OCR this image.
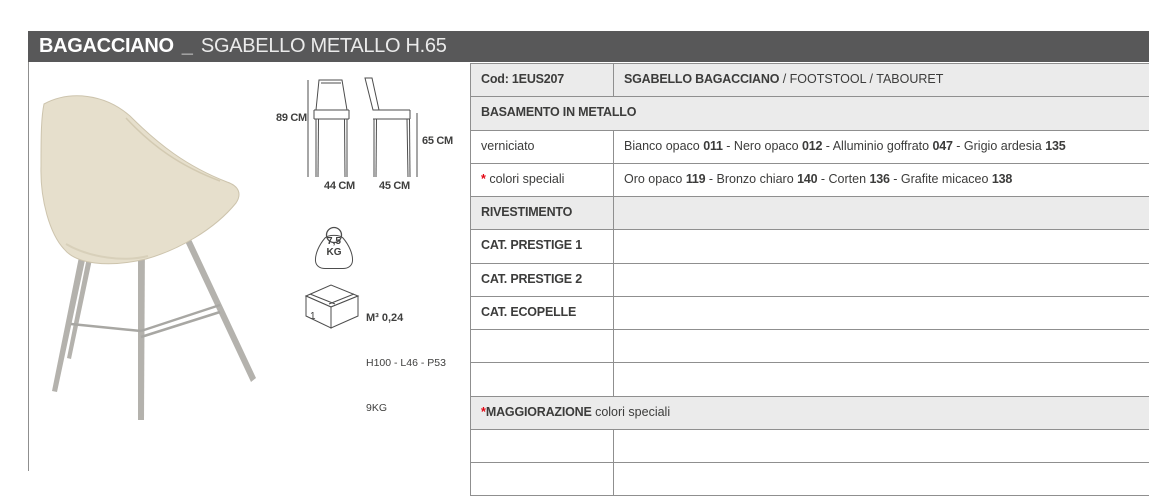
BAGACCIANO _ SGABELLO METALLO H.65
89 CM
65 CM
44 CM 45 CM
7,5
KG
1

	M³ 0,24

H100 - L46 - P53

9KG

Cod: 1EUS207	SGABELLO BAGACCIANO / FOOTSTOOL / TABOURET
BASAMENTO IN METALLO
verniciato	Bianco opaco 011 - Nero opaco 012 - Alluminio goffrato 047 - Grigio ardesia 135
* colori speciali	Oro opaco 119 - Bronzo chiaro 140 - Corten 136 - Grafite micaceo 138
RIVESTIMENTO
CAT. PRESTIGE 1
CAT. PRESTIGE 2
CAT. ECOPELLE
*MAGGIORAZIONE colori speciali
